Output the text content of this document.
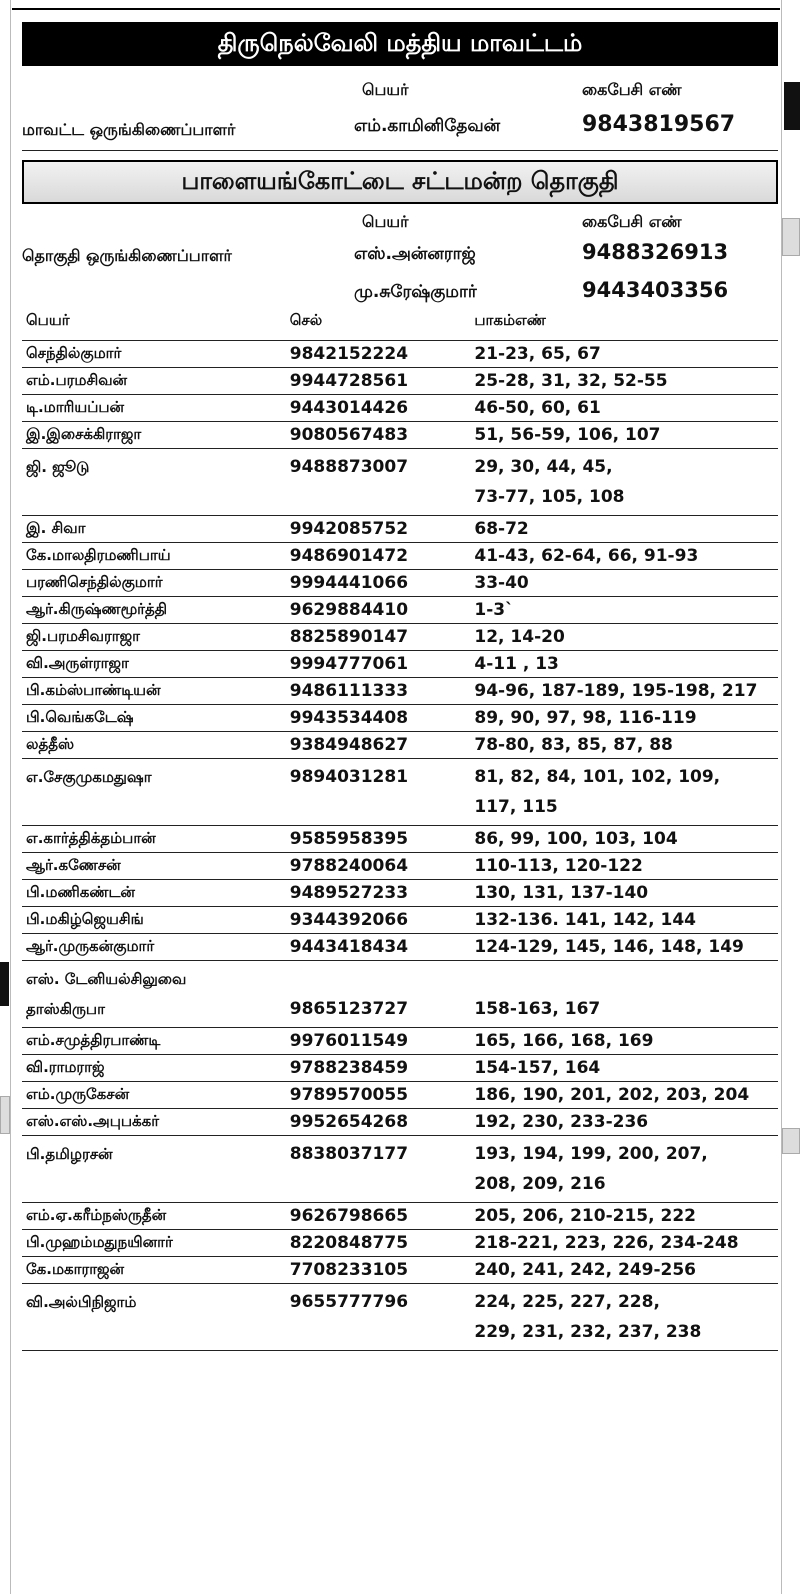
திருநெல்வேலி மத்திய மாவட்டம்
பெயர்	கைபேசி எண்
மாவட்ட ஒருங்கிணைப்பாளர்	எம்.காமினிதேவன்	9843819567
பாளையங்கோட்டை சட்டமன்ற தொகுதி
பெயர்	கைபேசி எண்
தொகுதி ஒருங்கிணைப்பாளர்	எஸ்.அன்னராஜ்	9488326913
மு.சுரேஷ்குமார்	9443403356
பெயர்	செல்	பாகம்எண்

செந்தில்குமார்	9842152224	21-23, 65, 67

எம்.பரமசிவன்	9944728561	25-28, 31, 32, 52-55

டி.மாரியப்பன்	9443014426	46-50, 60, 61

இ.இசைக்கிராஜா	9080567483	51, 56-59, 106, 107

ஜி. ஜூடு	9488873007	29, 30, 44, 45,
73-77, 105, 108

இ. சிவா	9942085752	68-72

கே.மாலதிரமணிபாய்	9486901472	41-43, 62-64, 66, 91-93

பரணிசெந்தில்குமார்	9994441066	33-40

ஆர்.கிருஷ்ணமூர்த்தி	9629884410	1-3`

ஜி.பரமசிவராஜா	8825890147	12, 14-20

வி.அருள்ராஜா	9994777061	4-11 , 13

பி.கம்ஸ்பாண்டியன்	9486111333	94-96, 187-189, 195-198, 217

பி.வெங்கடேஷ்	9943534408	89, 90, 97, 98, 116-119

லத்தீஸ்	9384948627	78-80, 83, 85, 87, 88

எ.சேகுமுகமதுஷா	9894031281	81, 82, 84, 101, 102, 109,
117, 115

எ.கார்த்திக்தம்பான்	9585958395	86, 99, 100, 103, 104

ஆர்.கணேசன்	9788240064	110-113, 120-122

பி.மணிகண்டன்	9489527233	130, 131, 137-140

பி.மகிழ்ஜெயசிங்	9344392066	132-136. 141, 142, 144

ஆர்.முருகன்குமார்	9443418434	124-129, 145, 146, 148, 149

எஸ். டேனியல்சிலுவை
தாஸ்கிருபா	9865123727	158-163, 167

எம்.சமுத்திரபாண்டி	9976011549	165, 166, 168, 169

வி.ராமராஜ்	9788238459	154-157, 164

எம்.முருகேசன்	9789570055	186, 190, 201, 202, 203, 204

எஸ்.எஸ்.அபுபக்கர்	9952654268	192, 230, 233-236

பி.தமிழரசன்	8838037177	193, 194, 199, 200, 207,
208, 209, 216

எம்.ஏ.கரீம்நஸ்ருதீன்	9626798665	205, 206, 210-215, 222

பி.முஹம்மதுநயினார்	8220848775	218-221, 223, 226, 234-248

கே.மகாராஜன்	7708233105	240, 241, 242, 249-256

வி.அல்பிநிஜாம்	9655777796	224, 225, 227, 228,
229, 231, 232, 237, 238
